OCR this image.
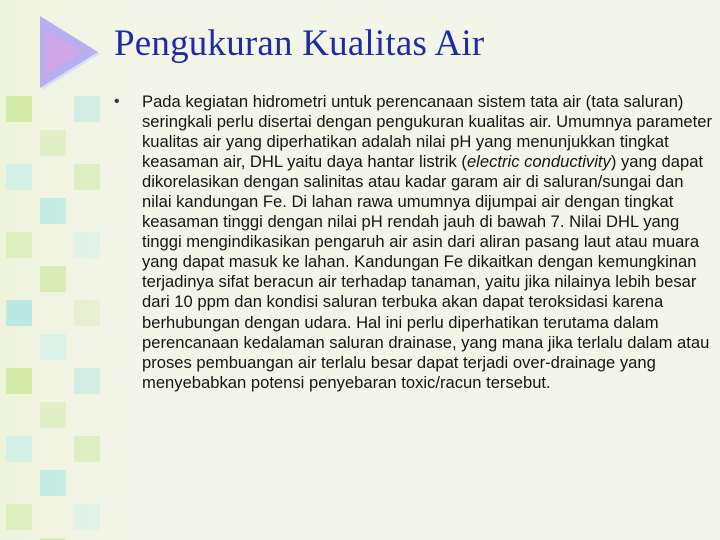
Pengukuran Kualitas Air
• Pada kegiatan hidrometri untuk perencanaan sistem tata air (tata saluran) seringkali perlu disertai dengan pengukuran kualitas air. Umumnya parameter kualitas air yang diperhatikan adalah nilai pH yang menunjukkan tingkat keasaman air, DHL yaitu daya hantar listrik (electric conductivity) yang dapat dikorelasikan dengan salinitas atau kadar garam air di saluran/sungai dan nilai kandungan Fe. Di lahan rawa umumnya dijumpai air dengan tingkat keasaman tinggi dengan nilai pH rendah jauh di bawah 7. Nilai DHL yang tinggi mengindikasikan pengaruh air asin dari aliran pasang laut atau muara yang dapat masuk ke lahan. Kandungan Fe dikaitkan dengan kemungkinan terjadinya sifat beracun air terhadap tanaman, yaitu jika nilainya lebih besar dari 10 ppm dan kondisi saluran terbuka akan dapat teroksidasi karena berhubungan dengan udara. Hal ini perlu diperhatikan terutama dalam perencanaan kedalaman saluran drainase, yang mana jika terlalu dalam atau proses pembuangan air terlalu besar dapat terjadi over-drainage yang menyebabkan potensi penyebaran toxic/racun tersebut.
